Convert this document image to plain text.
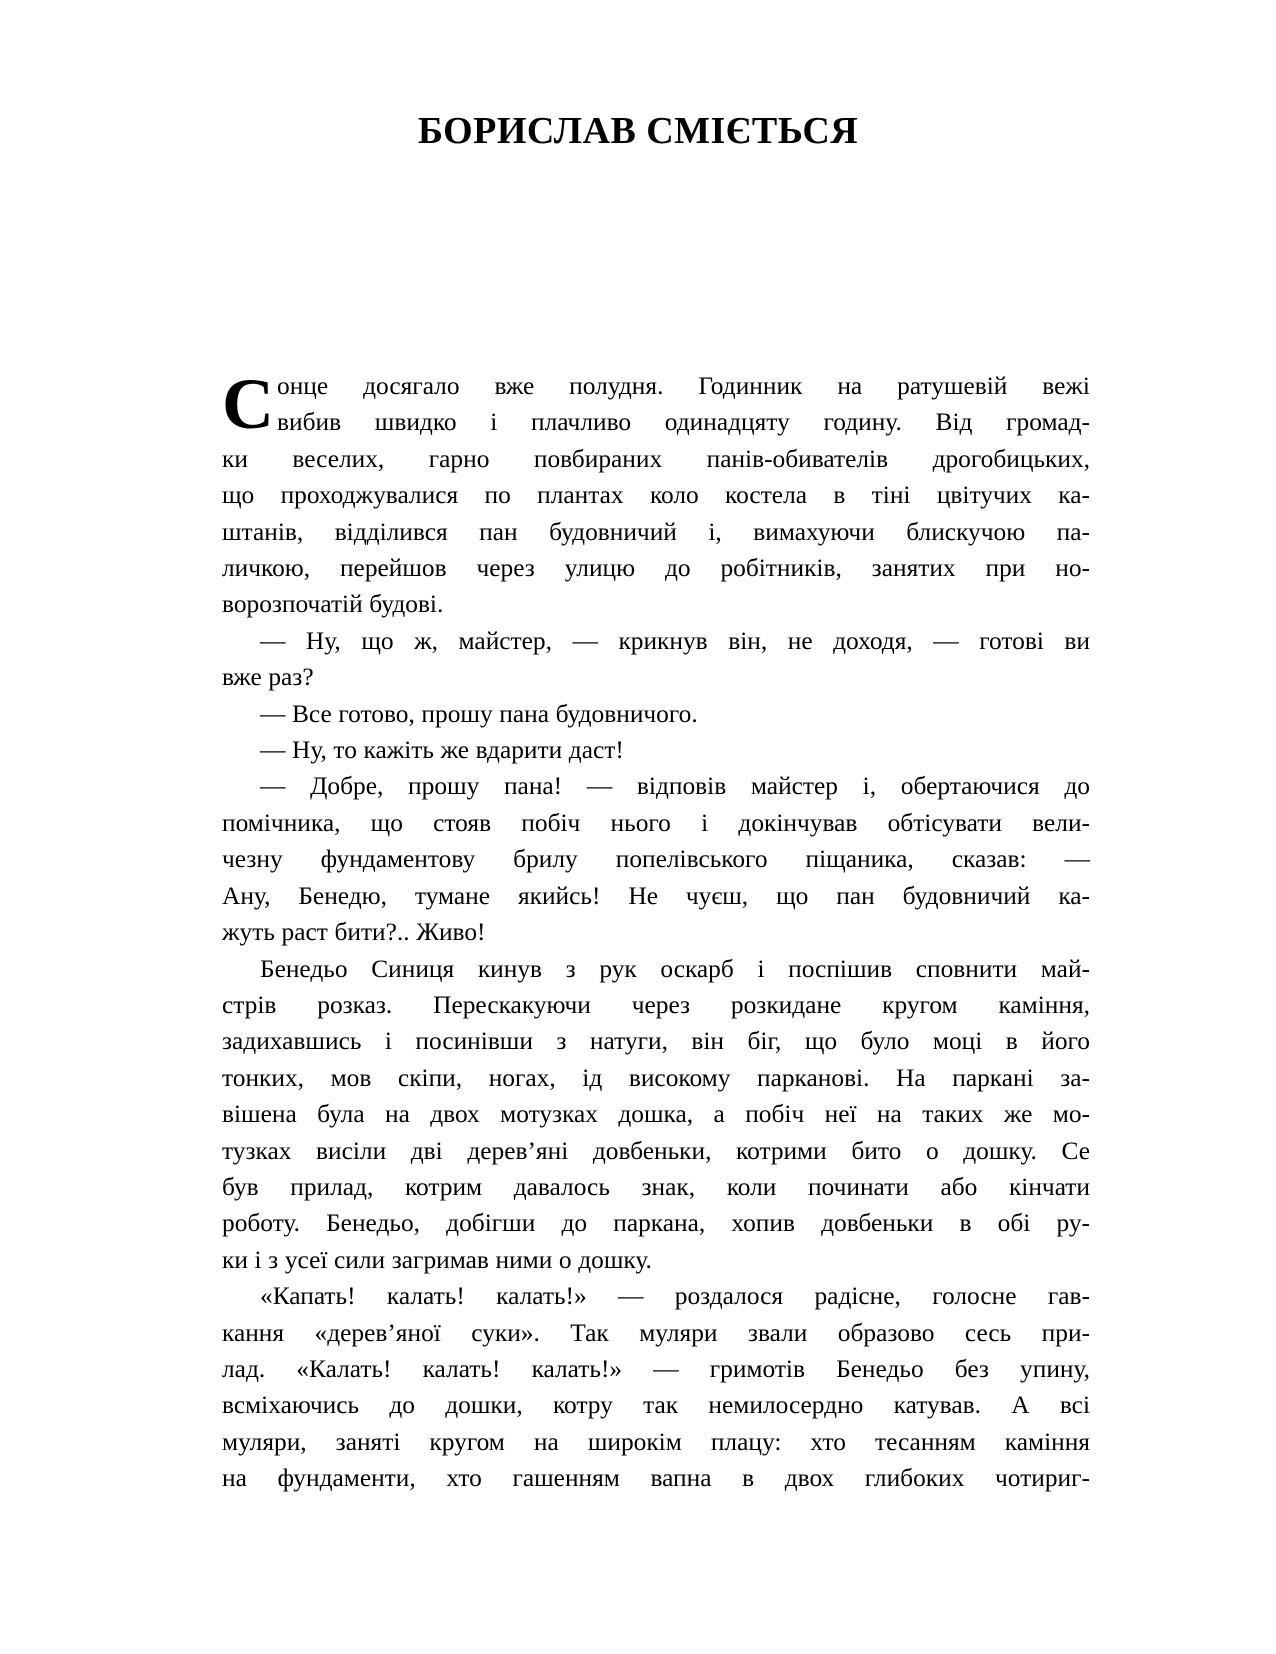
БОРИСЛАВ СМІЄТЬСЯ
С онце досягало вже полудня. Годинник на ратушевій вежі
вибив швидко і плачливо одинадцяту годину. Від громад-
ки веселих, гарно повбираних панів-обивателів дрогобицьких,
що проходжувалися по плантах коло костела в тіні цвітучих ка-
штанів, відділився пан будовничий і, вимахуючи блискучою па-
личкою, перейшов через улицю до робітників, занятих при но-
ворозпочатій будові.
— Ну, що ж, майстер, — крикнув він, не доходя, — готові ви
вже раз?
— Все готово, прошу пана будовничого.
— Ну, то кажіть же вдарити даст!
— Добре, прошу пана! — відповів майстер і, обертаючися до
помічника, що стояв побіч нього і докінчував обтісувати вели-
чезну фундаментову брилу попелівського піщаника, сказав: —
Ану, Бенедю, тумане якийсь! Не чуєш, що пан будовничий ка-
жуть раст бити?.. Живо!
Бенедьо Синиця кинув з рук оскарб і поспішив сповнити май-
стрів розказ. Перескакуючи через розкидане кругом каміння,
задихавшись і посинівши з натуги, він біг, що було моці в його
тонких, мов скіпи, ногах, ід високому парканові. На паркані за-
вішена була на двох мотузках дошка, а побіч неї на таких же мо-
тузках висіли дві дерев’яні довбеньки, котрими бито о дошку. Се
був прилад, котрим давалось знак, коли починати або кінчати
роботу. Бенедьо, добігши до паркана, хопив довбеньки в обі ру-
ки і з усеї сили загримав ними о дошку.
«Капать! калать! калать!» — роздалося радісне, голосне гав-
кання «дерев’яної суки». Так муляри звали образово сесь при-
лад. «Калать! калать! калать!» — гримотів Бенедьо без упину,
всміхаючись до дошки, котру так немилосердно катував. А всі
муляри, заняті кругом на широкім плацу: хто тесанням каміння
на фундаменти, хто гашенням вапна в двох глибоких чотириг-
